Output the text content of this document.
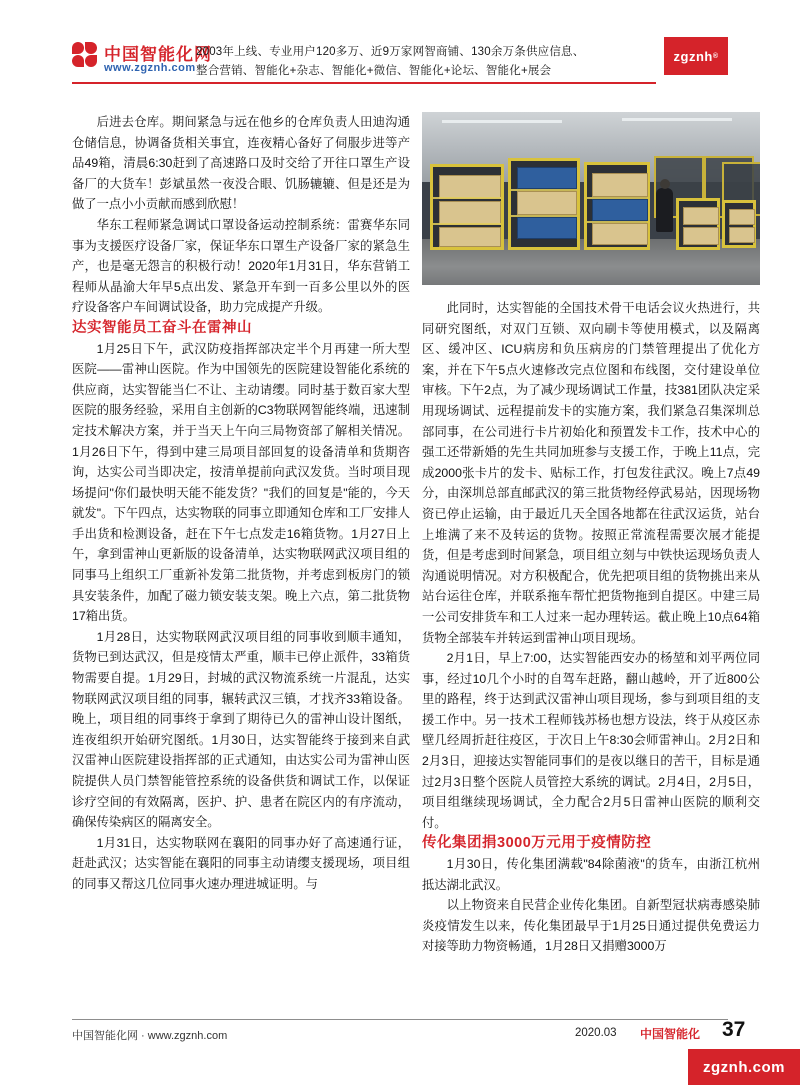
中国智能化网
www.zgznh.com
2003年上线、专业用户120多万、近9万家网智商铺、130余万条供应信息、
整合营销、智能化+杂志、智能化+微信、智能化+论坛、智能化+展会
zgznh ®

后进去仓库。期间紧急与远在他乡的仓库负责人田迪沟通仓储信息，协调备货相关事宜，连夜精心备好了伺服步进等产品49箱，清晨6:30赶到了高速路口及时交给了开往口罩生产设备厂的大货车！彭斌虽然一夜没合眼、饥肠辘辘、但是还是为做了一点小小贡献而感到欣慰！

华东工程师紧急调试口罩设备运动控制系统：雷赛华东同事为支援医疗设备厂家，保证华东口罩生产设备厂家的紧急生产，也是毫无怨言的积极行动！2020年1月31日，华东营销工程师从晶渝大年早5点出发、紧急开车到一百多公里以外的医疗设备客户车间调试设备，助力完成提产升级。

达实智能员工奋斗在雷神山

1月25日下午，武汉防疫指挥部决定半个月再建一所大型医院——雷神山医院。作为中国领先的医院建设智能化系统的供应商，达实智能当仁不让、主动请缨。同时基于数百家大型医院的服务经验，采用自主创新的C3物联网智能终端，迅速制定技术解决方案，并于当天上午向三局物资部了解相关情况。1月26日下午，得到中建三局项目部回复的设备清单和货期咨询，达实公司当即决定，按清单提前向武汉发货。当时项目现场提问"你们最快明天能不能发货？"我们的回复是"能的，今天就发"。下午四点，达实物联的同事立即通知仓库和工厂安排人手出货和检测设备，赶在下午七点发走16箱货物。1月27日上午，拿到雷神山更新版的设备清单，达实物联网武汉项目组的同事马上组织工厂重新补发第二批货物，并考虑到板房门的锁具安装条件，加配了磁力锁安装支架。晚上六点，第二批货物17箱出货。

1月28日，达实物联网武汉项目组的同事收到顺丰通知，货物已到达武汉，但是疫情太严重，顺丰已停止派件，33箱货物需要自提。1月29日，封城的武汉物流系统一片混乱，达实物联网武汉项目组的同事，辗转武汉三镇，才找齐33箱设备。晚上，项目组的同事终于拿到了期待已久的雷神山设计图纸，连夜组织开始研究图纸。1月30日，达实智能终于接到来自武汉雷神山医院建设指挥部的正式通知，由达实公司为雷神山医院提供人员门禁智能管控系统的设备供货和调试工作，以保证诊疗空间的有效隔离，医护、护、患者在院区内的有序流动，确保传染病区的隔离安全。

1月31日，达实物联网在襄阳的同事办好了高速通行证，赶赴武汉；达实智能在襄阳的同事主动请缨支援现场，项目组的同事又帮这几位同事火速办理进城证明。与

此同时，达实智能的全国技术骨干电话会议火热进行，共同研究图纸，对双门互锁、双向刷卡等使用模式，以及隔离区、缓冲区、ICU病房和负压病房的门禁管理提出了优化方案，并在下午5点火速修改完点位图和布线图，交付建设单位审核。下午2点，为了减少现场调试工作量，技381团队决定采用现场调试、远程提前发卡的实施方案，我们紧急召集深圳总部同事，在公司进行卡片初始化和预置发卡工作，技术中心的强工还带新婚的先生共同加班参与支援工作，于晚上11点，完成2000张卡片的发卡、贴标工作，打包发往武汉。晚上7点49分，由深圳总部直邮武汉的第三批货物经停武易站，因现场物资已停止运输，由于最近几天全国各地都在往武汉运货，站台上堆满了来不及转运的货物。按照正常流程需要次展才能提货，但是考虑到时间紧急，项目组立刻与中铁快运现场负责人沟通说明情况。对方积极配合，优先把项目组的货物挑出来从站台运往仓库，并联系拖车帮忙把货物拖到自提区。中建三局一公司安排货车和工人过来一起办理转运。截止晚上10点64箱货物全部装车并转运到雷神山项目现场。

2月1日，早上7:00，达实智能西安办的杨堃和刘平两位同事，经过10几个小时的自驾车赶路，翻山越岭，开了近800公里的路程，终于达到武汉雷神山项目现场，参与到项目组的支援工作中。另一技术工程师钱苏杨也想方设法，终于从疫区赤壁几经周折赶往疫区，于次日上午8:30会师雷神山。2月2日和2月3日，迎接达实智能同事们的是夜以继日的苦干，目标是通过2月3日整个医院人员管控大系统的调试。2月4日，2月5日，项目组继续现场调试，全力配合2月5日雷神山医院的顺利交付。

传化集团捐3000万元用于疫情防控

1月30日，传化集团满载"84除菌液"的货车，由浙江杭州抵达湖北武汉。

以上物资来自民营企业传化集团。自新型冠状病毒感染肺炎疫情发生以来，传化集团最早于1月25日通过提供免费运力对接等助力物资畅通，1月28日又捐赠3000万

中国智能化网 · www.zgznh.com	2020.03 中国智能化 37
zgznh.com
